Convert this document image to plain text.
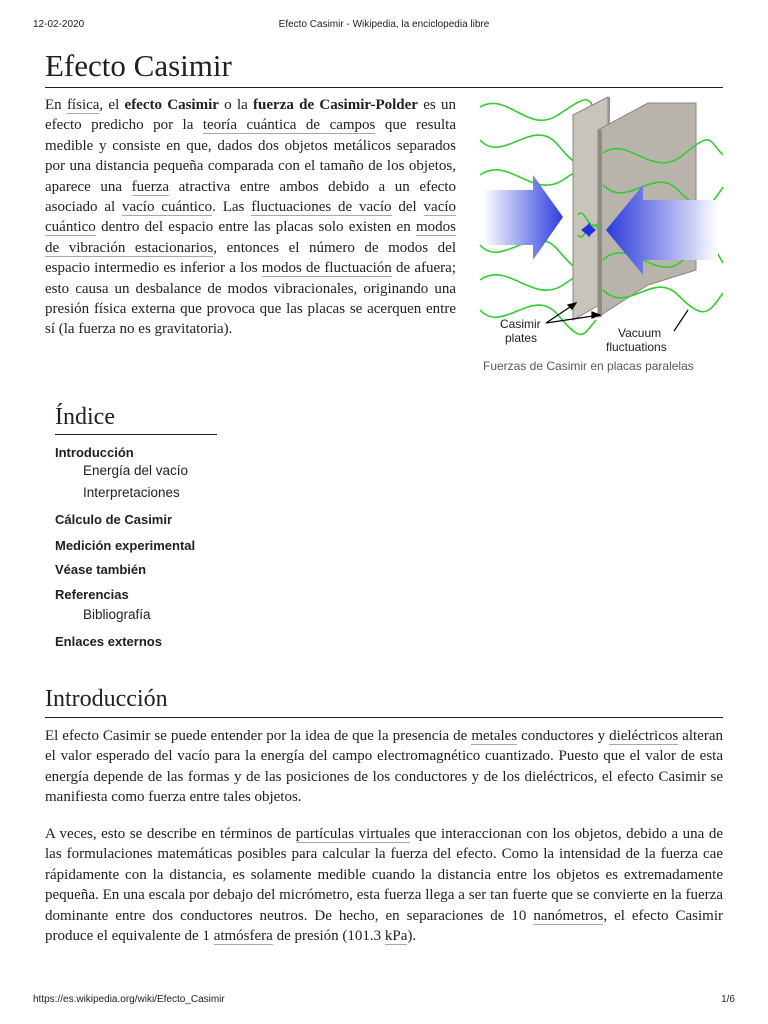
12-02-2020	Efecto Casimir - Wikipedia, la enciclopedia libre
Efecto Casimir

En física, el efecto Casimir o la fuerza de Casimir-Polder es un efecto predicho por la teoría cuántica de campos que resulta medible y consiste en que, dados dos objetos metálicos separados por una distancia pequeña comparada con el tamaño de los objetos, aparece una fuerza atractiva entre ambos debido a un efecto asociado al vacío cuántico. Las fluctuaciones de vacío del vacío cuántico dentro del espacio entre las placas solo existen en modos de vibración estacionarios, entonces el número de modos del espacio intermedio es inferior a los modos de fluctuación de afuera; esto causa un desbalance de modos vibracionales, originando una presión física externa que provoca que las placas se acerquen entre sí (la fuerza no es gravitatoria).	Casimir
plates	Vacuum
fluctuations
Fuerzas de Casimir en placas paralelas
Índice
Introducción
Energía del vacío
Interpretaciones
Cálculo de Casimir
Medición experimental
Véase también
Referencias
Bibliografía
Enlaces externos
Introducción

El efecto Casimir se puede entender por la idea de que la presencia de metales conductores y dieléctricos alteran el valor esperado del vacío para la energía del campo electromagnético cuantizado. Puesto que el valor de esta energía depende de las formas y de las posiciones de los conductores y de los dieléctricos, el efecto Casimir se manifiesta como fuerza entre tales objetos.

A veces, esto se describe en términos de partículas virtuales que interaccionan con los objetos, debido a una de las formulaciones matemáticas posibles para calcular la fuerza del efecto. Como la intensidad de la fuerza cae rápidamente con la distancia, es solamente medible cuando la distancia entre los objetos es extremadamente pequeña. En una escala por debajo del micrómetro, esta fuerza llega a ser tan fuerte que se convierte en la fuerza dominante entre dos conductores neutros. De hecho, en separaciones de 10 nanómetros, el efecto Casimir produce el equivalente de 1 atmósfera de presión (101.3 kPa).

https://es.wikipedia.org/wiki/Efecto_Casimir	1/6
